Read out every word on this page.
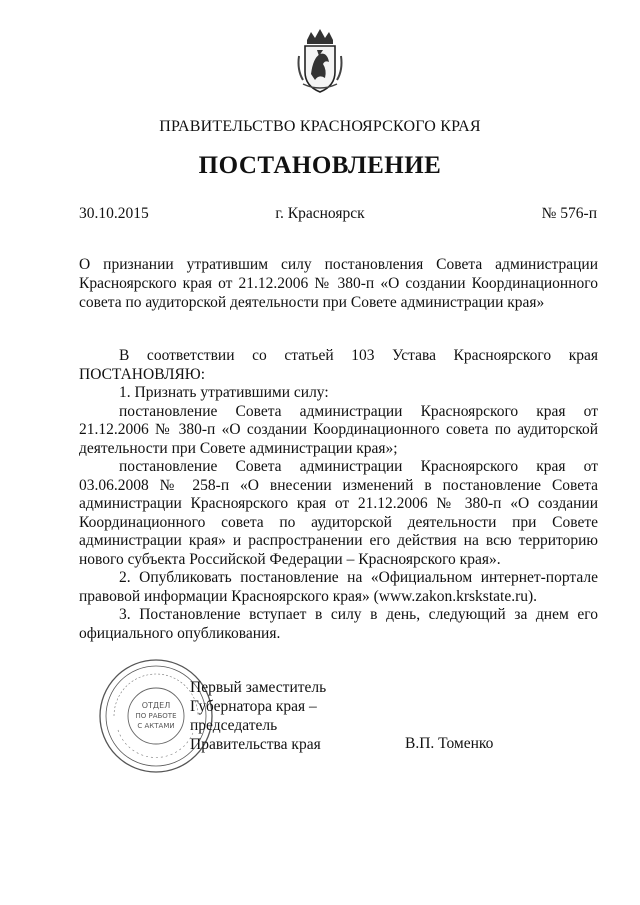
ПРАВИТЕЛЬСТВО КРАСНОЯРСКОГО КРАЯ
ПОСТАНОВЛЕНИЕ
30.10.2015	г. Красноярск	№ 576-п
О признании утратившим силу постановления Совета администрации Красноярского края от 21.12.2006 № 380-п «О создании Координационного совета по аудиторской деятельности при Совете администрации края»

В соответствии со статьей 103 Устава Красноярского края

ПОСТАНОВЛЯЮ:

1. Признать утратившими силу:

постановление Совета администрации Красноярского края от 21.12.2006 № 380-п «О создании Координационного совета по аудиторской деятельности при Совете администрации края»;

постановление Совета администрации Красноярского края от 03.06.2008 № 258-п «О внесении изменений в постановление Совета администрации Красноярского края от 21.12.2006 № 380-п «О создании Координационного совета по аудиторской деятельности при Совете администрации края» и распространении его действия на всю территорию нового субъекта Российской Федерации – Красноярского края».

2. Опубликовать постановление на «Официальном интернет-портале правовой информации Красноярского края» (www.zakon.krskstate.ru).

3. Постановление вступает в силу в день, следующий за днем его официального опубликования.

ОТДЕЛ
ПО РАБОТЕ
С АКТАМИ
Первый заместитель
Губернатора края –
председатель
Правительства края	В.П. Томенко
